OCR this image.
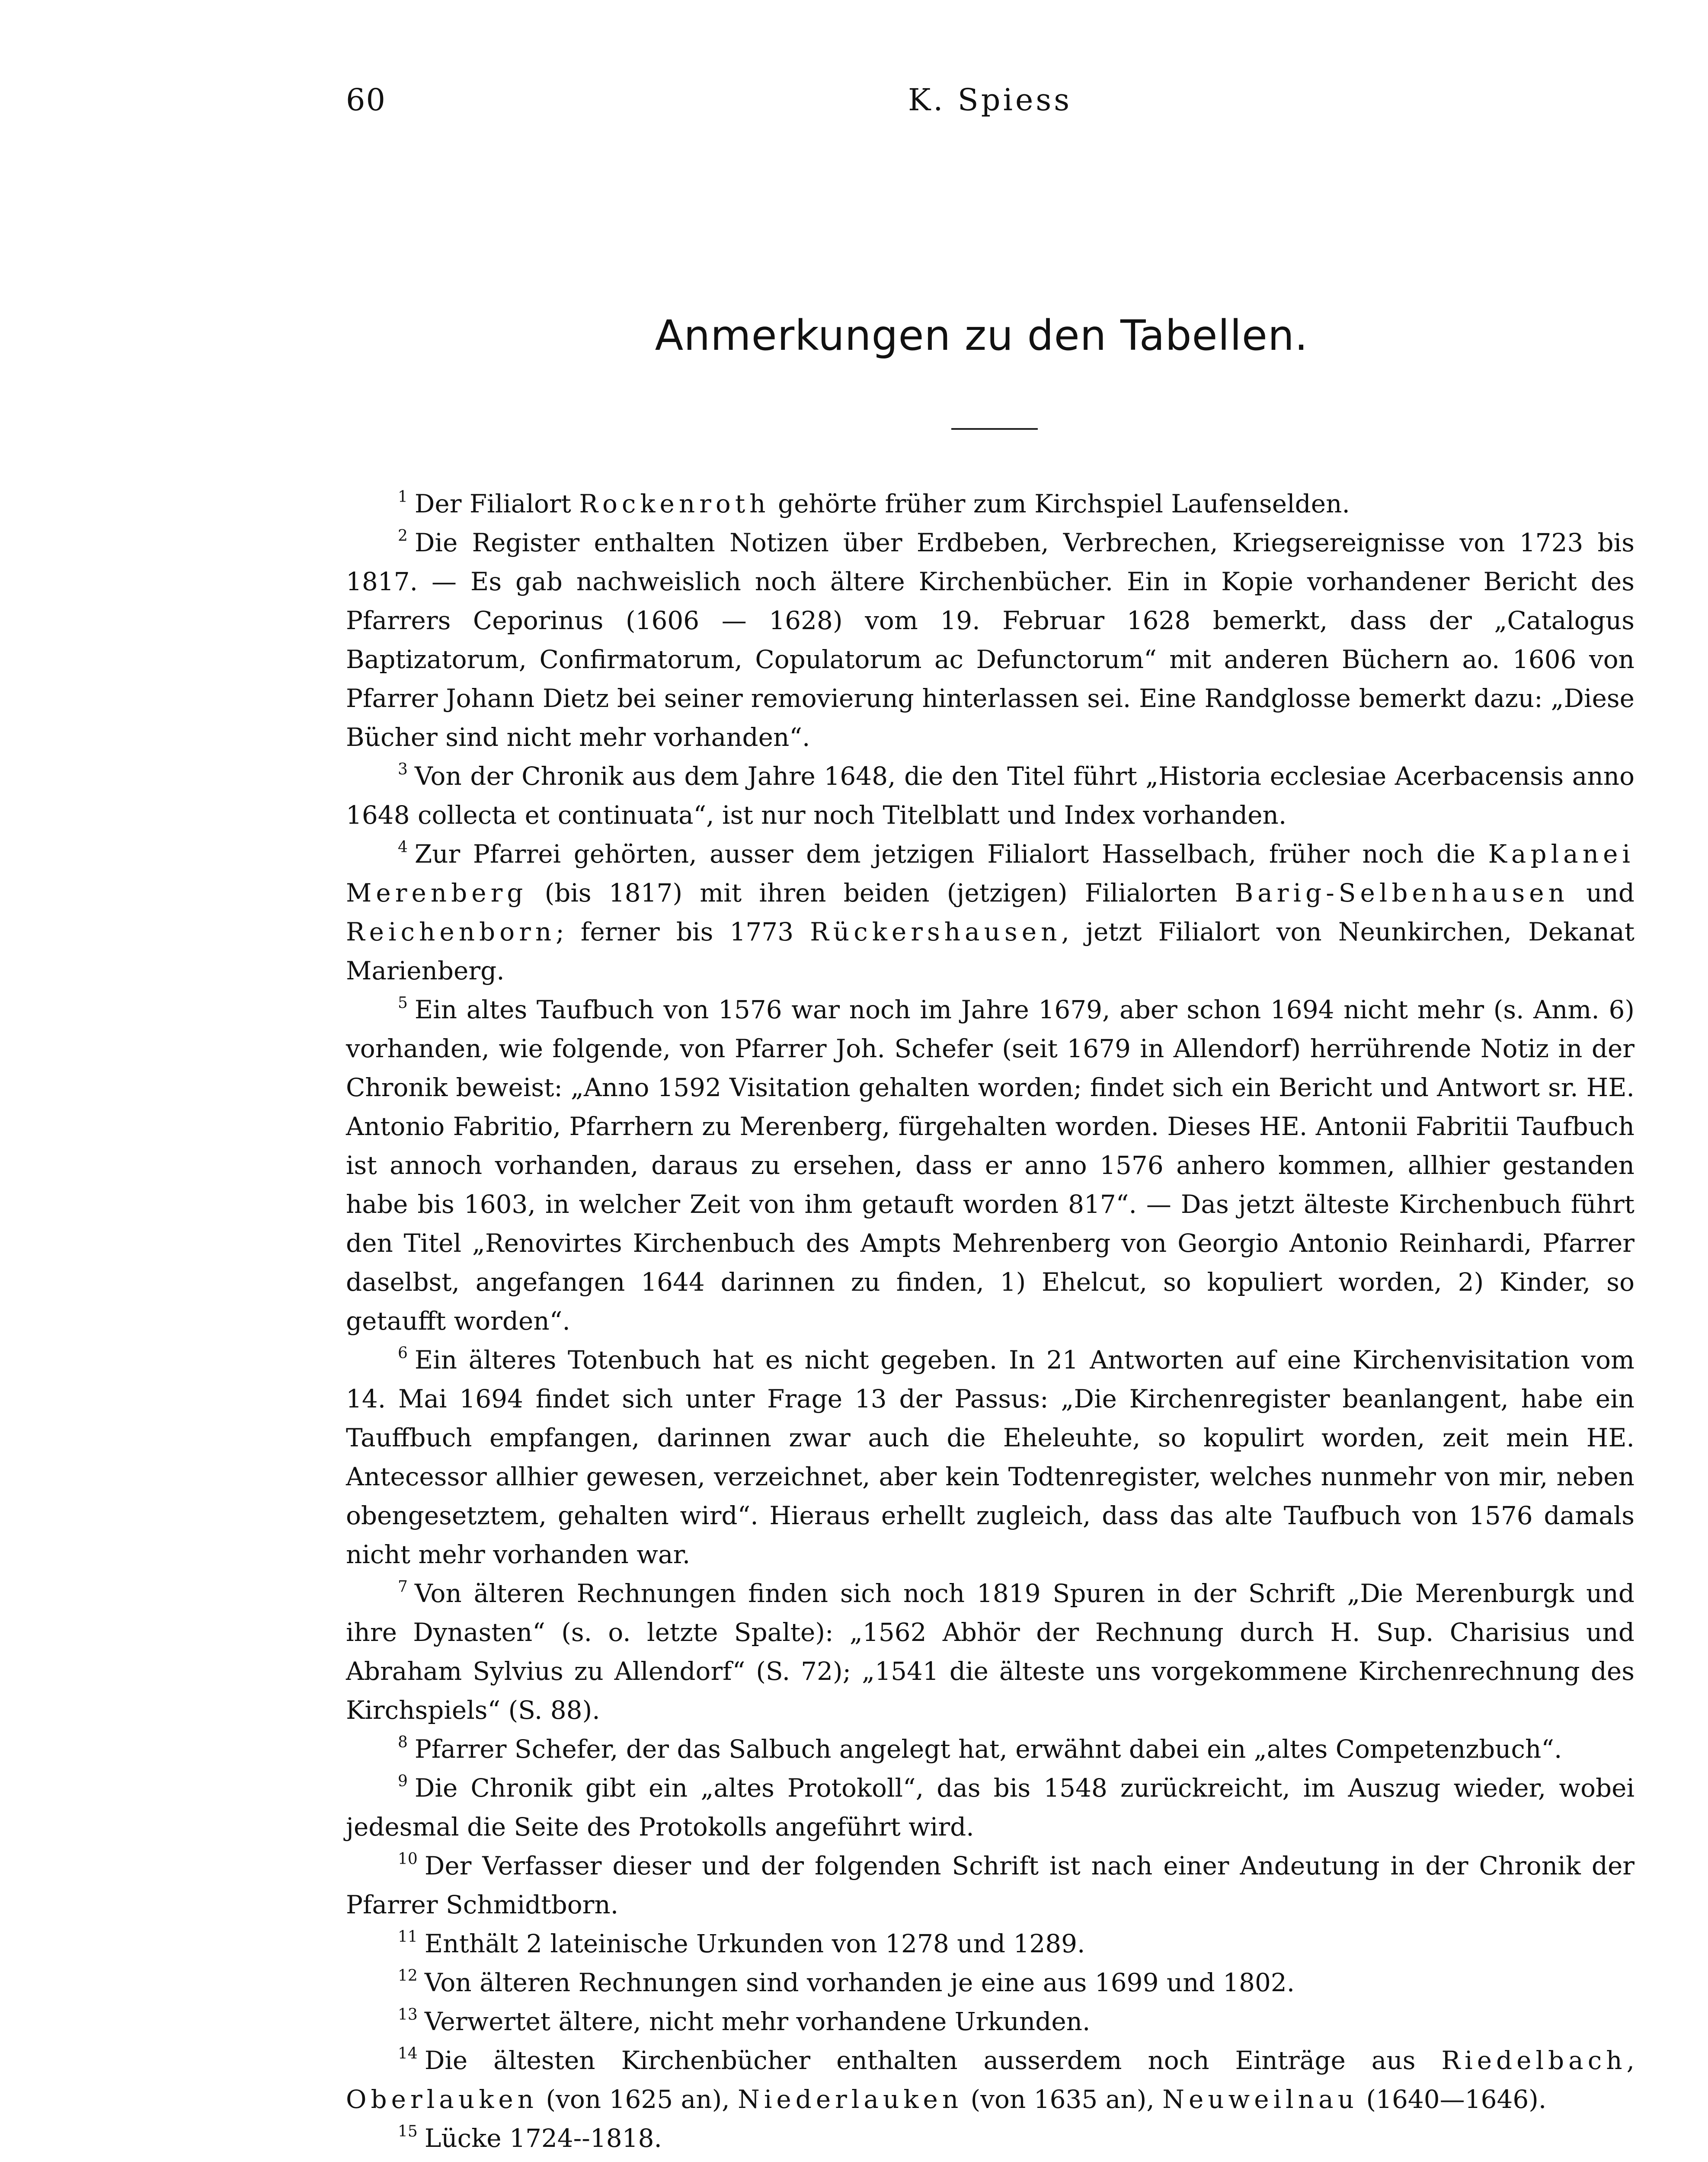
60	K. Spiess
Anmerkungen zu den Tabellen.

$^1$ Der Filialort Rockenroth gehörte früher zum Kirchspiel Laufenselden.

$^2$ Die Register enthalten Notizen über Erdbeben, Verbrechen, Kriegsereignisse von 1723 bis 1817. — Es gab nachweislich noch ältere Kirchenbücher. Ein in Kopie vorhandener Bericht des Pfarrers Ceporinus (1606 — 1628) vom 19. Februar 1628 bemerkt, dass der „Catalogus Baptizatorum, Confirmatorum, Copulatorum ac Defunctorum“ mit anderen Büchern ao. 1606 von Pfarrer Johann Dietz bei seiner removierung hinterlassen sei. Eine Randglosse bemerkt dazu: „Diese Bücher sind nicht mehr vorhanden“.

$^3$ Von der Chronik aus dem Jahre 1648, die den Titel führt „Historia ecclesiae Acerbacensis anno 1648 collecta et continuata“, ist nur noch Titelblatt und Index vorhanden.

$^4$ Zur Pfarrei gehörten, ausser dem jetzigen Filialort Hasselbach, früher noch die Kaplanei Merenberg (bis 1817) mit ihren beiden (jetzigen) Filialorten Barig-Selbenhausen und Reichenborn; ferner bis 1773 Rückershausen, jetzt Filialort von Neunkirchen, Dekanat Marienberg.

$^5$ Ein altes Taufbuch von 1576 war noch im Jahre 1679, aber schon 1694 nicht mehr (s. Anm. 6) vorhanden, wie folgende, von Pfarrer Joh. Schefer (seit 1679 in Allendorf) herrührende Notiz in der Chronik beweist: „Anno 1592 Visitation gehalten worden; findet sich ein Bericht und Antwort sr. HE. Antonio Fabritio, Pfarrhern zu Merenberg, fürgehalten worden. Dieses HE. Antonii Fabritii Taufbuch ist annoch vorhanden, daraus zu ersehen, dass er anno 1576 anhero kommen, allhier gestanden habe bis 1603, in welcher Zeit von ihm getauft worden 817“. — Das jetzt älteste Kirchenbuch führt den Titel „Renovirtes Kirchenbuch des Ampts Mehrenberg von Georgio Antonio Reinhardi, Pfarrer daselbst, angefangen 1644 darinnen zu finden, 1) Ehelcut, so kopuliert worden, 2) Kinder, so getaufft worden“.

$^6$ Ein älteres Totenbuch hat es nicht gegeben. In 21 Antworten auf eine Kirchenvisitation vom 14. Mai 1694 findet sich unter Frage 13 der Passus: „Die Kirchenregister beanlangent, habe ein Tauffbuch empfangen, darinnen zwar auch die Eheleuhte, so kopulirt worden, zeit mein HE. Antecessor allhier gewesen, verzeichnet, aber kein Todtenregister, welches nunmehr von mir, neben obengesetztem, gehalten wird“. Hieraus erhellt zugleich, dass das alte Taufbuch von 1576 damals nicht mehr vorhanden war.

$^7$ Von älteren Rechnungen finden sich noch 1819 Spuren in der Schrift „Die Merenburgk und ihre Dynasten“ (s. o. letzte Spalte): „1562 Abhör der Rechnung durch H. Sup. Charisius und Abraham Sylvius zu Allendorf“ (S. 72); „1541 die älteste uns vorgekommene Kirchenrechnung des Kirchspiels“ (S. 88).

$^8$ Pfarrer Schefer, der das Salbuch angelegt hat, erwähnt dabei ein „altes Competenzbuch“.

$^9$ Die Chronik gibt ein „altes Protokoll“, das bis 1548 zurückreicht, im Auszug wieder, wobei jedesmal die Seite des Protokolls angeführt wird.

$^{10}$ Der Verfasser dieser und der folgenden Schrift ist nach einer Andeutung in der Chronik der Pfarrer Schmidtborn.

$^{11}$ Enthält 2 lateinische Urkunden von 1278 und 1289.

$^{12}$ Von älteren Rechnungen sind vorhanden je eine aus 1699 und 1802.

$^{13}$ Verwertet ältere, nicht mehr vorhandene Urkunden.

$^{14}$ Die ältesten Kirchenbücher enthalten ausserdem noch Einträge aus Riedelbach, Oberlauken (von 1625 an), Niederlauken (von 1635 an), Neuweilnau (1640—1646).

$^{15}$ Lücke 1724--1818.
